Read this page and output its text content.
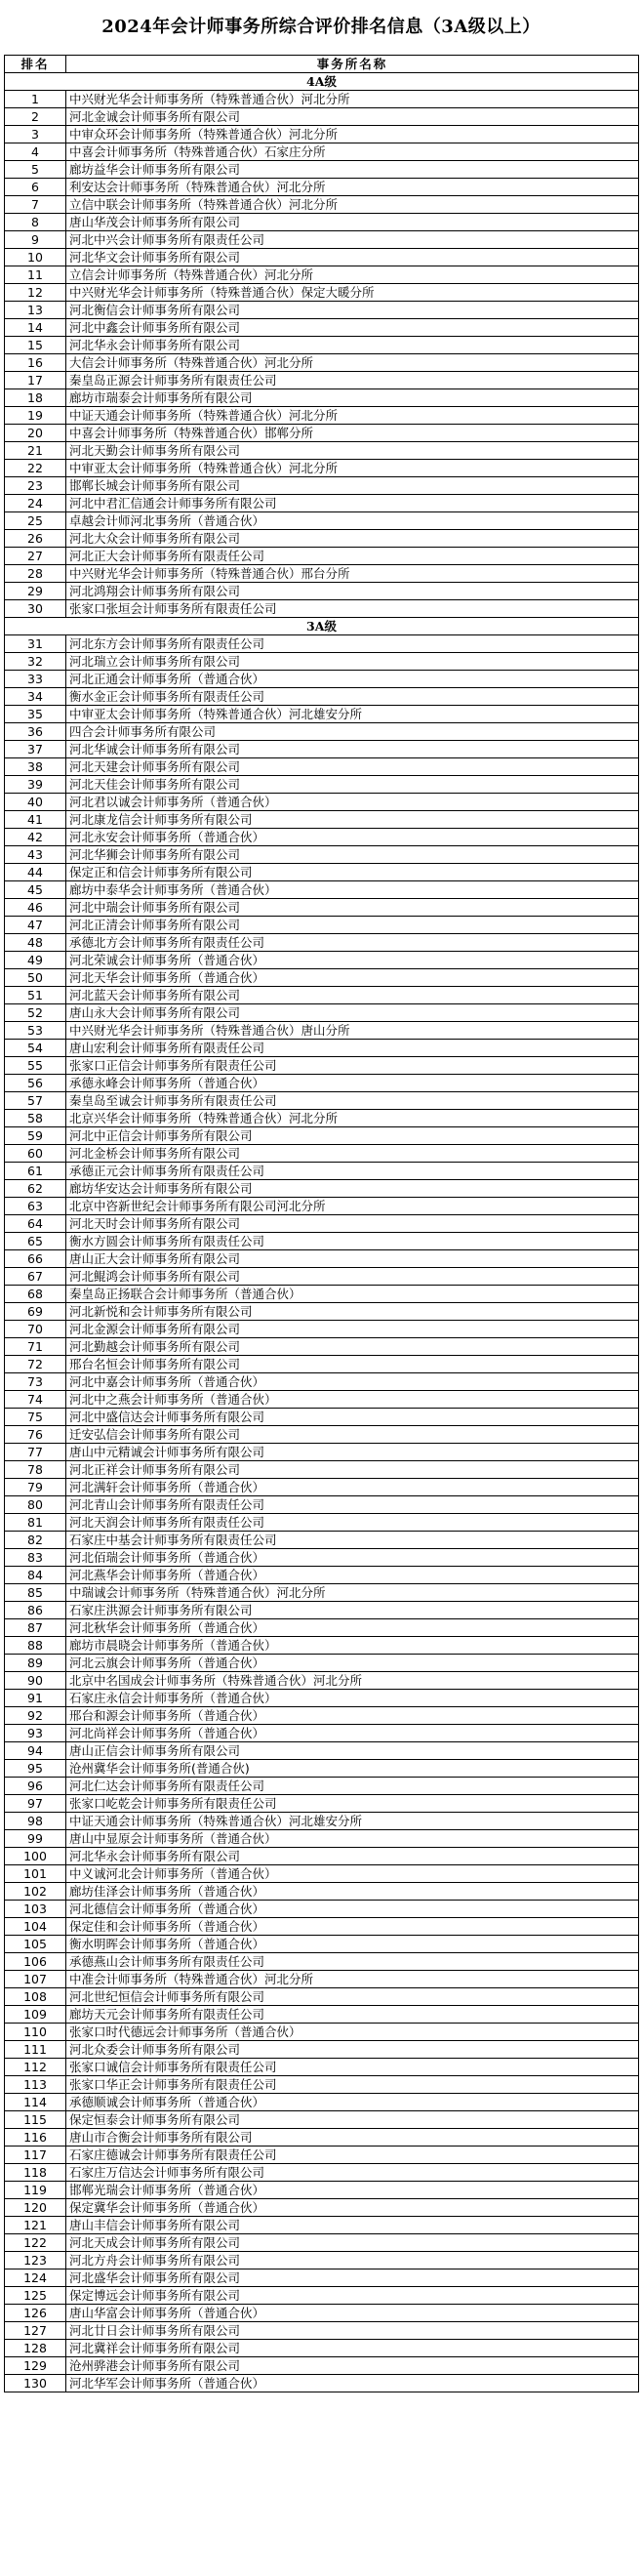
2024年会计师事务所综合评价排名信息（3A级以上）
排名	事务所名称
4A级	
1	中兴财光华会计师事务所（特殊普通合伙）河北分所
2	河北金诚会计师事务所有限公司
3	中审众环会计师事务所（特殊普通合伙）河北分所
4	中喜会计师事务所（特殊普通合伙）石家庄分所
5	廊坊益华会计师事务所有限公司
6	利安达会计师事务所（特殊普通合伙）河北分所
7	立信中联会计师事务所（特殊普通合伙）河北分所
8	唐山华茂会计师事务所有限公司
9	河北中兴会计师事务所有限责任公司
10	河北华文会计师事务所有限公司
11	立信会计师事务所（特殊普通合伙）河北分所
12	中兴财光华会计师事务所（特殊普通合伙）保定大暖分所
13	河北衡信会计师事务所有限公司
14	河北中鑫会计师事务所有限公司
15	河北华永会计师事务所有限公司
16	大信会计师事务所（特殊普通合伙）河北分所
17	秦皇岛正源会计师事务所有限责任公司
18	廊坊市瑞泰会计师事务所有限公司
19	中证天通会计师事务所（特殊普通合伙）河北分所
20	中喜会计师事务所（特殊普通合伙）邯郸分所
21	河北天勤会计师事务所有限公司
22	中审亚太会计师事务所（特殊普通合伙）河北分所
23	邯郸长城会计师事务所有限公司
24	河北中君汇信通会计师事务所有限公司
25	卓越会计师河北事务所（普通合伙）
26	河北大众会计师事务所有限公司
27	河北正大会计师事务所有限责任公司
28	中兴财光华会计师事务所（特殊普通合伙）邢台分所
29	河北鸿翔会计师事务所有限公司
30	张家口张垣会计师事务所有限责任公司
3A级	
31	河北东方会计师事务所有限责任公司
32	河北瑞立会计师事务所有限公司
33	河北正通会计师事务所（普通合伙）
34	衡水金正会计师事务所有限责任公司
35	中审亚太会计师事务所（特殊普通合伙）河北雄安分所
36	四合会计师事务所有限公司
37	河北华诚会计师事务所有限公司
38	河北天建会计师事务所有限公司
39	河北天佳会计师事务所有限公司
40	河北君以诚会计师事务所（普通合伙）
41	河北康龙信会计师事务所有限公司
42	河北永安会计师事务所（普通合伙）
43	河北华狮会计师事务所有限公司
44	保定正和信会计师事务所有限公司
45	廊坊中泰华会计师事务所（普通合伙）
46	河北中瑞会计师事务所有限公司
47	河北正清会计师事务所有限公司
48	承德北方会计师事务所有限责任公司
49	河北荣诚会计师事务所（普通合伙）
50	河北天华会计师事务所（普通合伙）
51	河北蓝天会计师事务所有限公司
52	唐山永大会计师事务所有限公司
53	中兴财光华会计师事务所（特殊普通合伙）唐山分所
54	唐山宏利会计师事务所有限责任公司
55	张家口正信会计师事务所有限责任公司
56	承德永峰会计师事务所（普通合伙）
57	秦皇岛至诚会计师事务所有限责任公司
58	北京兴华会计师事务所（特殊普通合伙）河北分所
59	河北中正信会计师事务所有限公司
60	河北金桥会计师事务所有限公司
61	承德正元会计师事务所有限责任公司
62	廊坊华安达会计师事务所有限公司
63	北京中咨新世纪会计师事务所有限公司河北分所
64	河北天时会计师事务所有限公司
65	衡水方圆会计师事务所有限责任公司
66	唐山正大会计师事务所有限公司
67	河北鲲鸿会计师事务所有限公司
68	秦皇岛正扬联合会计师事务所（普通合伙）
69	河北新悦和会计师事务所有限公司
70	河北金源会计师事务所有限公司
71	河北勤越会计师事务所有限公司
72	邢台名恒会计师事务所有限公司
73	河北中嘉会计师事务所（普通合伙）
74	河北中之燕会计师事务所（普通合伙）
75	河北中盛信达会计师事务所有限公司
76	迁安弘信会计师事务所有限公司
77	唐山中元精诚会计师事务所有限公司
78	河北正祥会计师事务所有限公司
79	河北满轩会计师事务所（普通合伙）
80	河北青山会计师事务所有限责任公司
81	河北天润会计师事务所有限责任公司
82	石家庄中基会计师事务所有限责任公司
83	河北佰瑞会计师事务所（普通合伙）
84	河北燕华会计师事务所（普通合伙）
85	中瑞诚会计师事务所（特殊普通合伙）河北分所
86	石家庄洪源会计师事务所有限公司
87	河北秋华会计师事务所（普通合伙）
88	廊坊市晨晓会计师事务所（普通合伙）
89	河北云旗会计师事务所（普通合伙）
90	北京中名国成会计师事务所（特殊普通合伙）河北分所
91	石家庄永信会计师事务所（普通合伙）
92	邢台和源会计师事务所（普通合伙）
93	河北尚祥会计师事务所（普通合伙）
94	唐山正信会计师事务所有限公司
95	沧州冀华会计师事务所(普通合伙)
96	河北仁达会计师事务所有限责任公司
97	张家口屹乾会计师事务所有限责任公司
98	中证天通会计师事务所（特殊普通合伙）河北雄安分所
99	唐山中显原会计师事务所（普通合伙）
100	河北华永会计师事务所有限公司
101	中义诚河北会计师事务所（普通合伙）
102	廊坊佳泽会计师事务所（普通合伙）
103	河北德信会计师事务所（普通合伙）
104	保定佳和会计师事务所（普通合伙）
105	衡水明晖会计师事务所（普通合伙）
106	承德燕山会计师事务所有限责任公司
107	中准会计师事务所（特殊普通合伙）河北分所
108	河北世纪恒信会计师事务所有限公司
109	廊坊天元会计师事务所有限责任公司
110	张家口时代德远会计师事务所（普通合伙）
111	河北众委会计师事务所有限公司
112	张家口诚信会计师事务所有限责任公司
113	张家口华正会计师事务所有限责任公司
114	承德顺诚会计师事务所（普通合伙）
115	保定恒泰会计师事务所有限公司
116	唐山市合衡会计师事务所有限公司
117	石家庄德诚会计师事务所有限责任公司
118	石家庄万信达会计师事务所有限公司
119	邯郸光瑞会计师事务所（普通合伙）
120	保定冀华会计师事务所（普通合伙）
121	唐山丰信会计师事务所有限公司
122	河北天成会计师事务所有限公司
123	河北方舟会计师事务所有限公司
124	河北盛华会计师事务所有限公司
125	保定博远会计师事务所有限公司
126	唐山华富会计师事务所（普通合伙）
127	河北廿日会计师事务所有限公司
128	河北冀祥会计师事务所有限公司
129	沧州骅港会计师事务所有限公司
130	河北华军会计师事务所（普通合伙）
